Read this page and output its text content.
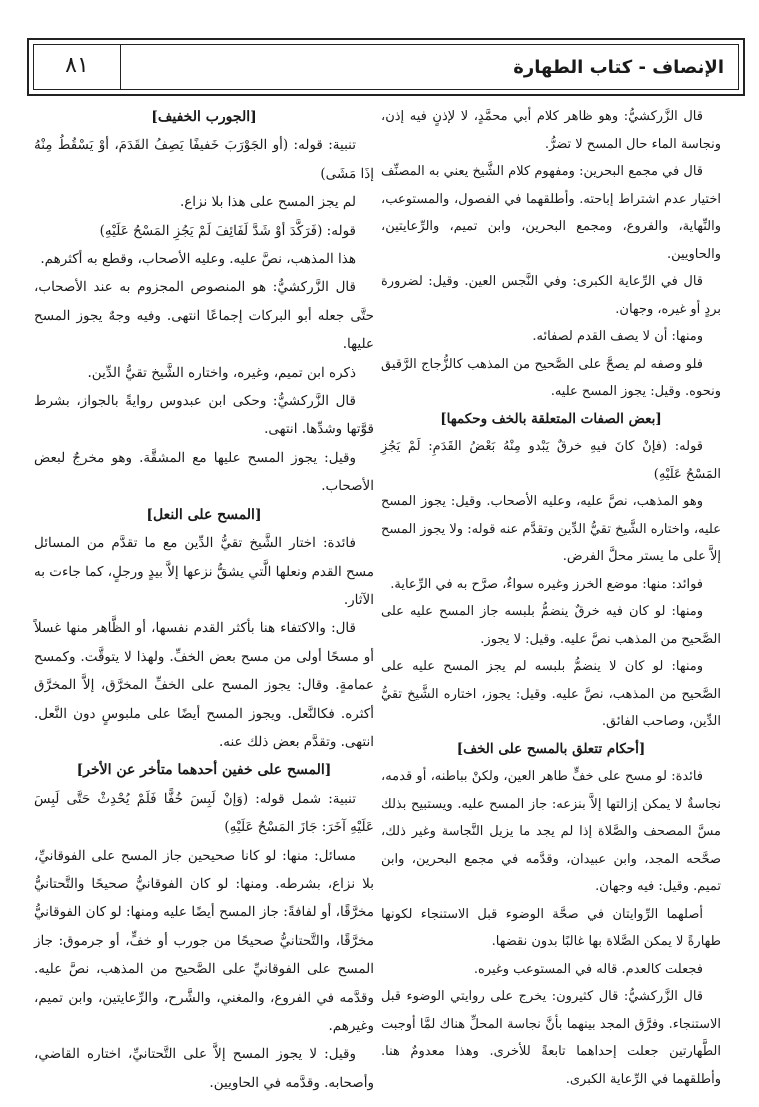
الإنصاف - كتاب الطهارة
٨١

قال الزَّركشيُّ: وهو ظاهر كلام أبي محمَّدٍ، لا لإذنٍ فيه إذن، ونجاسة الماء حال المسح لا تضرُّ.

قال في مجمع البحرين: ومفهوم كلام الشَّيخ يعني به المصنِّف اختيار عدم اشتراط إباحته. وأطلقهما في الفصول، والمستوعب، والنِّهاية، والفروع، ومجمع البحرين، وابن تميم، والرِّعايتين، والحاويين.

قال في الرِّعاية الكبرى: وفي النَّجس العين. وقيل: لضرورة بردٍ أو غيره، وجهان.

ومنها: أن لا يصف القدم لصفائه.

فلو وصفه لم يصحَّ على الصَّحيح من المذهب كالزُّجاج الرَّقيق ونحوه. وقيل: يجوز المسح عليه.

[بعض الصفات المتعلقة بالخف وحكمها]

قوله: (فإنْ كانَ فيهِ خرقٌ يَبْدو مِنْهُ بَعْضُ القَدَمِ: لَمْ يَجُزِ المَسْحُ عَلَيْهِ)

وهو المذهب، نصَّ عليه، وعليه الأصحاب. وقيل: يجوز المسح عليه، واختاره الشَّيخ تقيُّ الدِّين وتقدَّم عنه قوله: ولا يجوز المسح إلاَّ على ما يستر محلَّ الفرض.

فوائد: منها: موضع الخرز وغيره سواءٌ، صرَّح به في الرِّعاية.

ومنها: لو كان فيه خرقٌ ينضمُّ بلبسه جاز المسح عليه على الصَّحيح من المذهب نصَّ عليه. وقيل: لا يجوز.

ومنها: لو كان لا ينضمُّ بلبسه لم يجز المسح عليه على الصَّحيح من المذهب، نصَّ عليه. وقيل: يجوز، اختاره الشَّيخ تقيُّ الدِّين، وصاحب الفائق.

[أحكام تتعلق بالمسح على الخف]

فائدة: لو مسح على خفٍّ طاهر العين، ولكنْ بباطنه، أو قدمه، نجاسةٌ لا يمكن إزالتها إلاَّ بنزعه: جاز المسح عليه. ويستبيح بذلك مسَّ المصحف والصَّلاة إذا لم يجد ما يزيل النَّجاسة وغير ذلك، صحَّحه المجد، وابن عبيدان، وقدَّمه في مجمع البحرين، وابن تميم. وقيل: فيه وجهان.

أصلهما الرِّوايتان في صحَّة الوضوء قبل الاستنجاء لكونها طهارةً لا يمكن الصَّلاة بها غالبًا بدون نقضها.

فجعلت كالعدم. قاله في المستوعب وغيره.

قال الزَّركشيُّ: قال كثيرون: يخرج على روايتي الوضوء قبل الاستنجاء. وفرَّق المجد بينهما بأنَّ نجاسة المحلِّ هناك لمَّا أوجبت الطَّهارتين جعلت إحداهما تابعةً للأخرى. وهذا معدومٌ هنا. وأطلقهما في الرِّعاية الكبرى.

[الجورب الخفيف]

تنبية: قوله: (أو الجَوْرَبَ خَفيفًا يَصِفُ القَدَمَ، أوْ يَسْقُطُ مِنْهُ إذَا مَشَى)

لم يجز المسح على هذا بلا نزاع.

قوله: (فَرَكَّدَ أوْ شَدَّ لَفَائِفَ لَمْ يَجُزِ المَسْحُ عَلَيْهِ)

هذا المذهب، نصَّ عليه. وعليه الأصحاب، وقطع به أكثرهم.

قال الزَّركشيُّ: هو المنصوص المجزوم به عند الأصحاب، حتَّى جعله أبو البركات إجماعًا انتهى. وفيه وجهٌ يجوز المسح عليها.

ذكره ابن تميم، وغيره، واختاره الشَّيخ تقيُّ الدِّين.

قال الزَّركشيُّ: وحكى ابن عبدوس روايةً بالجواز، بشرط قوَّتها وشدِّها. انتهى.

وقيل: يجوز المسح عليها مع المشقَّة. وهو مخرجٌ لبعض الأصحاب.

[المسح على النعل]

فائدة: اختار الشَّيخ تقيُّ الدِّين مع ما تقدَّم من المسائل مسح القدم ونعلها الَّتي يشقُّ نزعها إلاَّ بيدٍ ورجلٍ، كما جاءت به الآثار.

قال: والاكتفاء هنا بأكثر القدم نفسها، أو الظَّاهر منها غسلاً أو مسحًا أولى من مسح بعض الخفِّ. ولهذا لا يتوقَّت. وكمسح عمامةٍ. وقال: يجوز المسح على الخفِّ المخرَّق، إلاَّ المخرَّق أكثره. فكالنَّعل. ويجوز المسح أيضًا على ملبوسٍ دون النَّعل. انتهى. وتقدَّم بعض ذلك عنه.

[المسح على خفين أحدهما متأخر عن الأخر]

تنبية: شمل قوله: (وَإنْ لَبِسَ خُفًّا فَلَمْ يُحْدِثْ حَتَّى لَبِسَ عَلَيْهِ آخَرَ: جَازَ المَسْحُ عَلَيْهِ)

مسائل: منها: لو كانا صحيحين جاز المسح على الفوقانيِّ، بلا نزاع، بشرطه. ومنها: لو كان الفوقانيُّ صحيحًا والتَّحتانيُّ مخرَّقًا، أو لفافةً: جاز المسح أيضًا عليه ومنها: لو كان الفوقانيُّ مخرَّقًا، والتَّحتانيُّ صحيحًا من جورب أو خفٍّ، أو جرموق: جاز المسح على الفوقانيِّ على الصَّحيح من المذهب، نصَّ عليه. وقدَّمه في الفروع، والمغني، والشَّرح، والرِّعايتين، وابن تميم، وغيرهم.

وقيل: لا يجوز المسح إلاَّ على التَّحتانيِّ، اختاره القاضي، وأصحابه. وقدَّمه في الحاويين.
